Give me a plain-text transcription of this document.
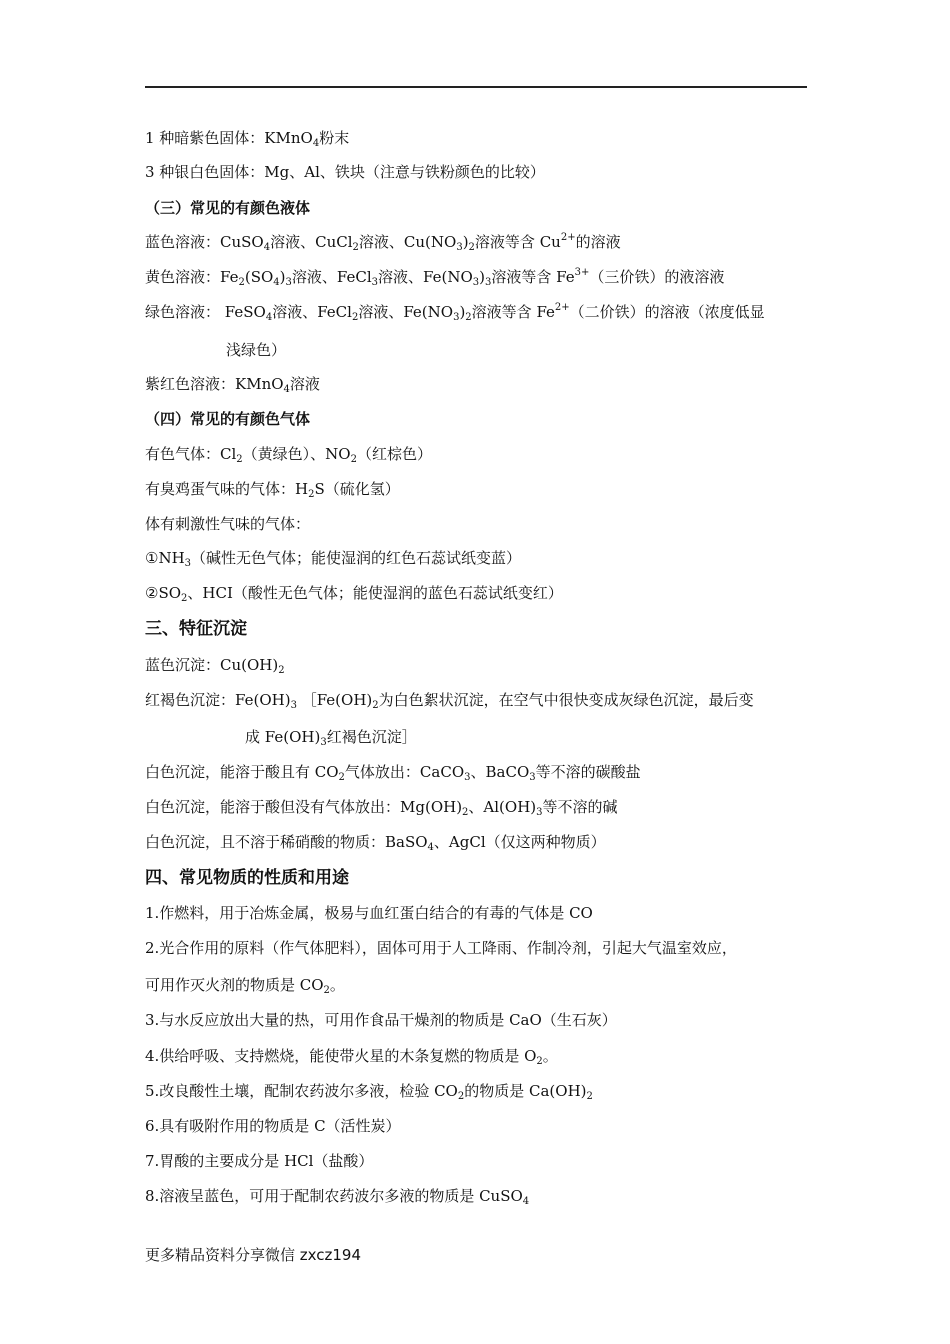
1 种暗紫色固体：KMnO$_4$粉末
3 种银白色固体：Mg、Al、铁块（注意与铁粉颜色的比较）
（三）常见的有颜色液体
蓝色溶液：CuSO$_4$溶液、CuCl$_2$溶液、$Cu(NO_3)_2$溶液等含 $Cu^{2+}$的溶液
黄色溶液：$Fe_2(SO_4)_3$溶液、FeCl$_3$溶液、$Fe(NO_3)_3$溶液等含 $Fe^{3+}$（三价铁）的液溶液
绿色溶液： FeSO$_4$溶液、FeCl$_2$溶液、$Fe(NO_3)_2$溶液等含 $Fe^{2+}$（二价铁）的溶液（浓度低显
浅绿色）
紫红色溶液：KMnO$_4$溶液
（四）常见的有颜色气体
有色气体：$Cl_2$（黄绿色）、$NO_2$（红棕色）
有臭鸡蛋气味的气体：$H_2S$（硫化氢）
体有刺激性气味的气体：
$①NH_3$（碱性无色气体；能使湿润的红色石蕊试纸变蓝）
$②SO_2$、HCI（酸性无色气体；能使湿润的蓝色石蕊试纸变红）
三、特征沉淀
蓝色沉淀：$Cu(OH)_2$
红褐色沉淀：$Fe(OH)_3$ $[Fe(OH)_2$为白色絮状沉淀，在空气中很快变成灰绿色沉淀，最后变
成 $Fe(OH)_3$红褐色沉淀］
白色沉淀，能溶于酸且有 $CO_2$气体放出：CaCO$_3$、BaCO$_3$等不溶的碳酸盐
白色沉淀，能溶于酸但没有气体放出：$Mg(OH)_2$、$Al(OH)_3$等不溶的碱
白色沉淀，且不溶于稀硝酸的物质：BaSO$_4$、AgCl（仅这两种物质）
四、常见物质的性质和用途
1.作燃料，用于冶炼金属，极易与血红蛋白结合的有毒的气体是 CO
2.光合作用的原料（作气体肥料），固体可用于人工降雨、作制冷剂，引起大气温室效应，
可用作灭火剂的物质是 $CO_2$。
3.与水反应放出大量的热，可用作食品干燥剂的物质是 CaO（生石灰）
4.供给呼吸、支持燃烧，能使带火星的木条复燃的物质是 $O_2$。
5.改良酸性土壤，配制农药波尔多液，检验 $CO_2$的物质是 $Ca(OH)_2$
6.具有吸附作用的物质是 C（活性炭）
7.胃酸的主要成分是 HCl（盐酸）
8.溶液呈蓝色，可用于配制农药波尔多液的物质是 CuSO$_4$
更多精品资料分享微信 zxcz194
